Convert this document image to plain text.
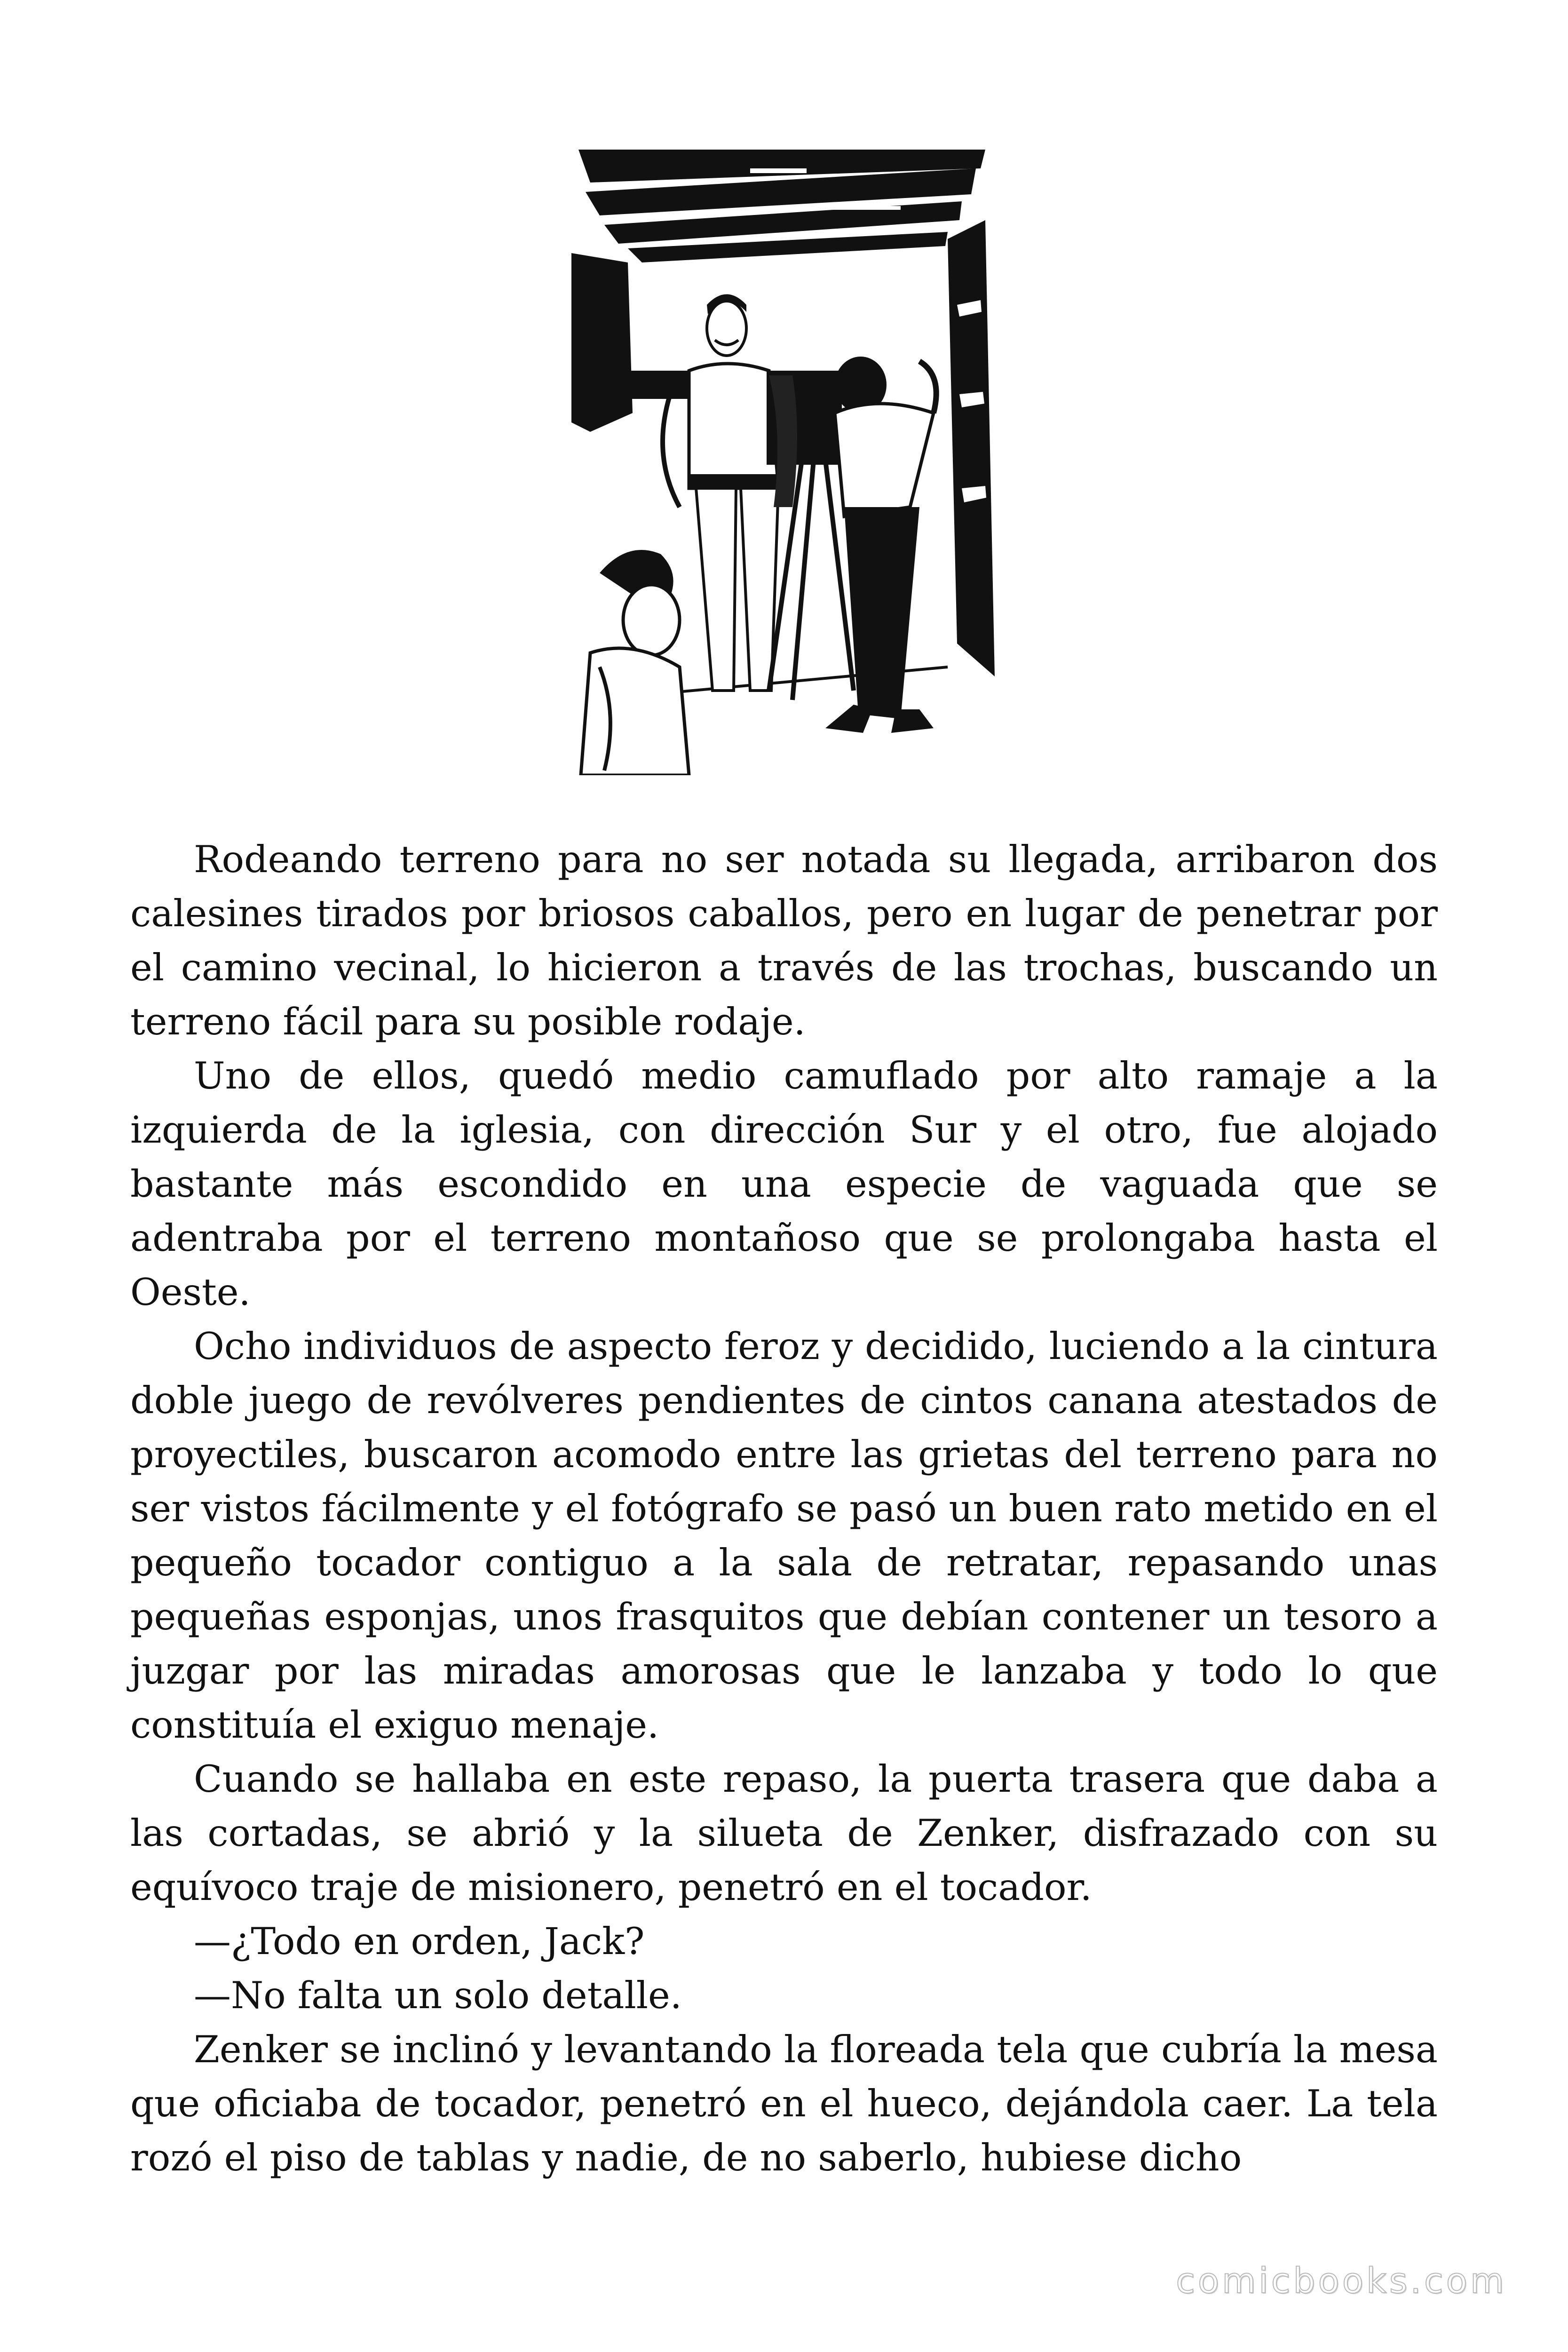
Rodeando terreno para no ser notada su llegada, arribaron dos calesines tirados por briosos caballos, pero en lugar de penetrar por el camino vecinal, lo hicieron a través de las trochas, buscando un terreno fácil para su posible rodaje.

Uno de ellos, quedó medio camuflado por alto ramaje a la izquierda de la iglesia, con dirección Sur y el otro, fue alojado bastante más escondido en una especie de vaguada que se adentraba por el terreno montañoso que se prolongaba hasta el Oeste.

Ocho individuos de aspecto feroz y decidido, luciendo a la cintura doble juego de revólveres pendientes de cintos canana atestados de proyectiles, buscaron acomodo entre las grietas del terreno para no ser vistos fácilmente y el fotógrafo se pasó un buen rato metido en el pequeño tocador contiguo a la sala de retratar, repasando unas pequeñas esponjas, unos frasquitos que debían contener un tesoro a juzgar por las miradas amorosas que le lanzaba y todo lo que constituía el exiguo menaje.

Cuando se hallaba en este repaso, la puerta trasera que daba a las cortadas, se abrió y la silueta de Zenker, disfrazado con su equívoco traje de misionero, penetró en el tocador.

—¿Todo en orden, Jack?

—No falta un solo detalle.

Zenker se inclinó y levantando la floreada tela que cubría la mesa que oficiaba de tocador, penetró en el hueco, dejándola caer. La tela rozó el piso de tablas y nadie, de no saberlo, hubiese dicho

comicbooks.com
